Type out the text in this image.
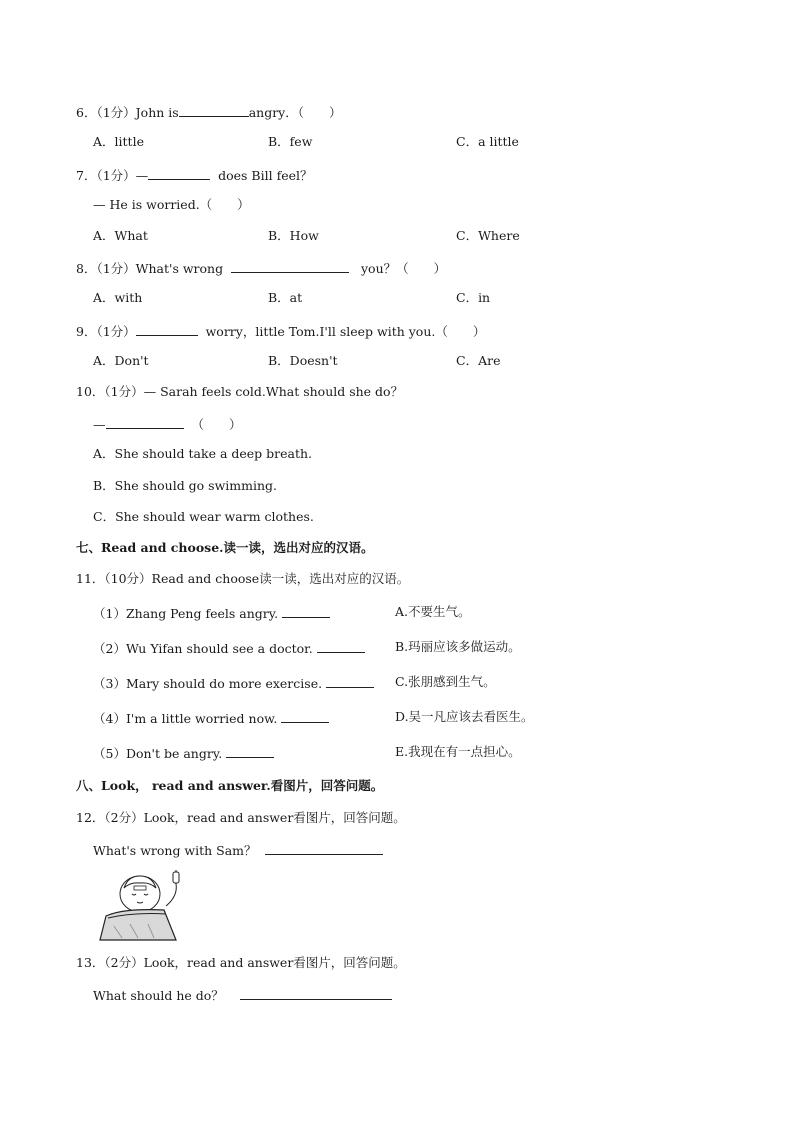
6．（1分）John is	angry．（　　）
A．little	B．few	C．a little
7．（1分）—	does Bill feel？
— He is worried.（　　）
A．What	B．How	C．Where
8．（1分）What's wrong	you？（　　）
A．with	B．at	C．in
9．（1分）	worry，little Tom.I'll sleep with you.（　　）
A．Don't	B．Doesn't	C．Are
10．（1分）— Sarah feels cold.What should she do？
—	（　　）
A．She should take a deep breath.
B．She should go swimming.
C．She should wear warm clothes.
七、Read and choose.读一读，选出对应的汉语。
11．（10分）Read and choose读一读，选出对应的汉语。
（1）Zhang Peng feels angry.	A.不要生气。
（2）Wu Yifan should see a doctor.	B.玛丽应该多做运动。
（3）Mary should do more exercise.	C.张朋感到生气。
（4）I'm a little worried now.	D.吴一凡应该去看医生。
（5）Don't be angry.	E.我现在有一点担心。
八、Look， read and answer.看图片，回答问题。
12．（2分）Look，read and answer看图片，回答问题。
What's wrong with Sam？
13．（2分）Look，read and answer看图片，回答问题。
What should he do？
